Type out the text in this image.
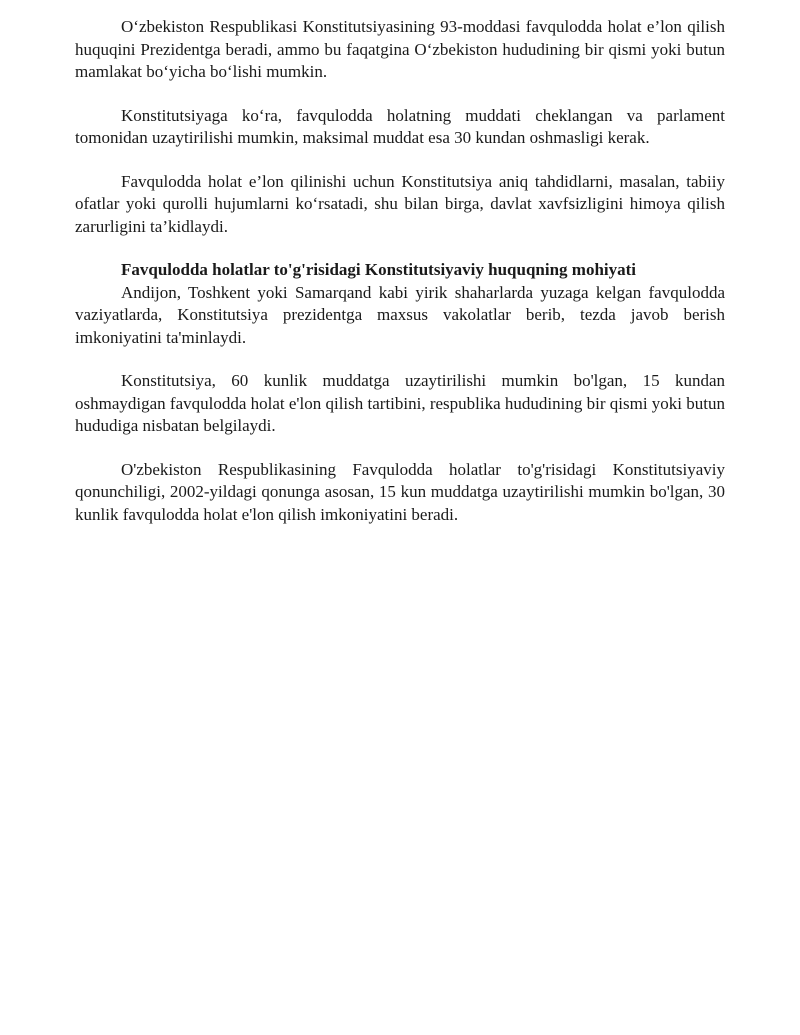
O‘zbekiston Respublikasi Konstitutsiyasining 93-moddasi favqulodda holat e’lon qilish huquqini Prezidentga beradi, ammo bu faqatgina O‘zbekiston hududining bir qismi yoki butun mamlakat bo‘yicha bo‘lishi mumkin.

Konstitutsiyaga ko‘ra, favqulodda holatning muddati cheklangan va parlament tomonidan uzaytirilishi mumkin, maksimal muddat esa 30 kundan oshmasligi kerak.

Favqulodda holat e’lon qilinishi uchun Konstitutsiya aniq tahdidlarni, masalan, tabiiy ofatlar yoki qurolli hujumlarni ko‘rsatadi, shu bilan birga, davlat xavfsizligini himoya qilish zarurligini ta’kidlaydi.

Favqulodda holatlar to'g'risidagi Konstitutsiyaviy huquqning mohiyati

Andijon, Toshkent yoki Samarqand kabi yirik shaharlarda yuzaga kelgan favqulodda vaziyatlarda, Konstitutsiya prezidentga maxsus vakolatlar berib, tezda javob berish imkoniyatini ta'minlaydi.

Konstitutsiya, 60 kunlik muddatga uzaytirilishi mumkin bo'lgan, 15 kundan oshmaydigan favqulodda holat e'lon qilish tartibini, respublika hududining bir qismi yoki butun hududiga nisbatan belgilaydi.

O'zbekiston Respublikasining Favqulodda holatlar to'g'risidagi Konstitutsiyaviy qonunchiligi, 2002-yildagi qonunga asosan, 15 kun muddatga uzaytirilishi mumkin bo'lgan, 30 kunlik favqulodda holat e'lon qilish imkoniyatini beradi.
